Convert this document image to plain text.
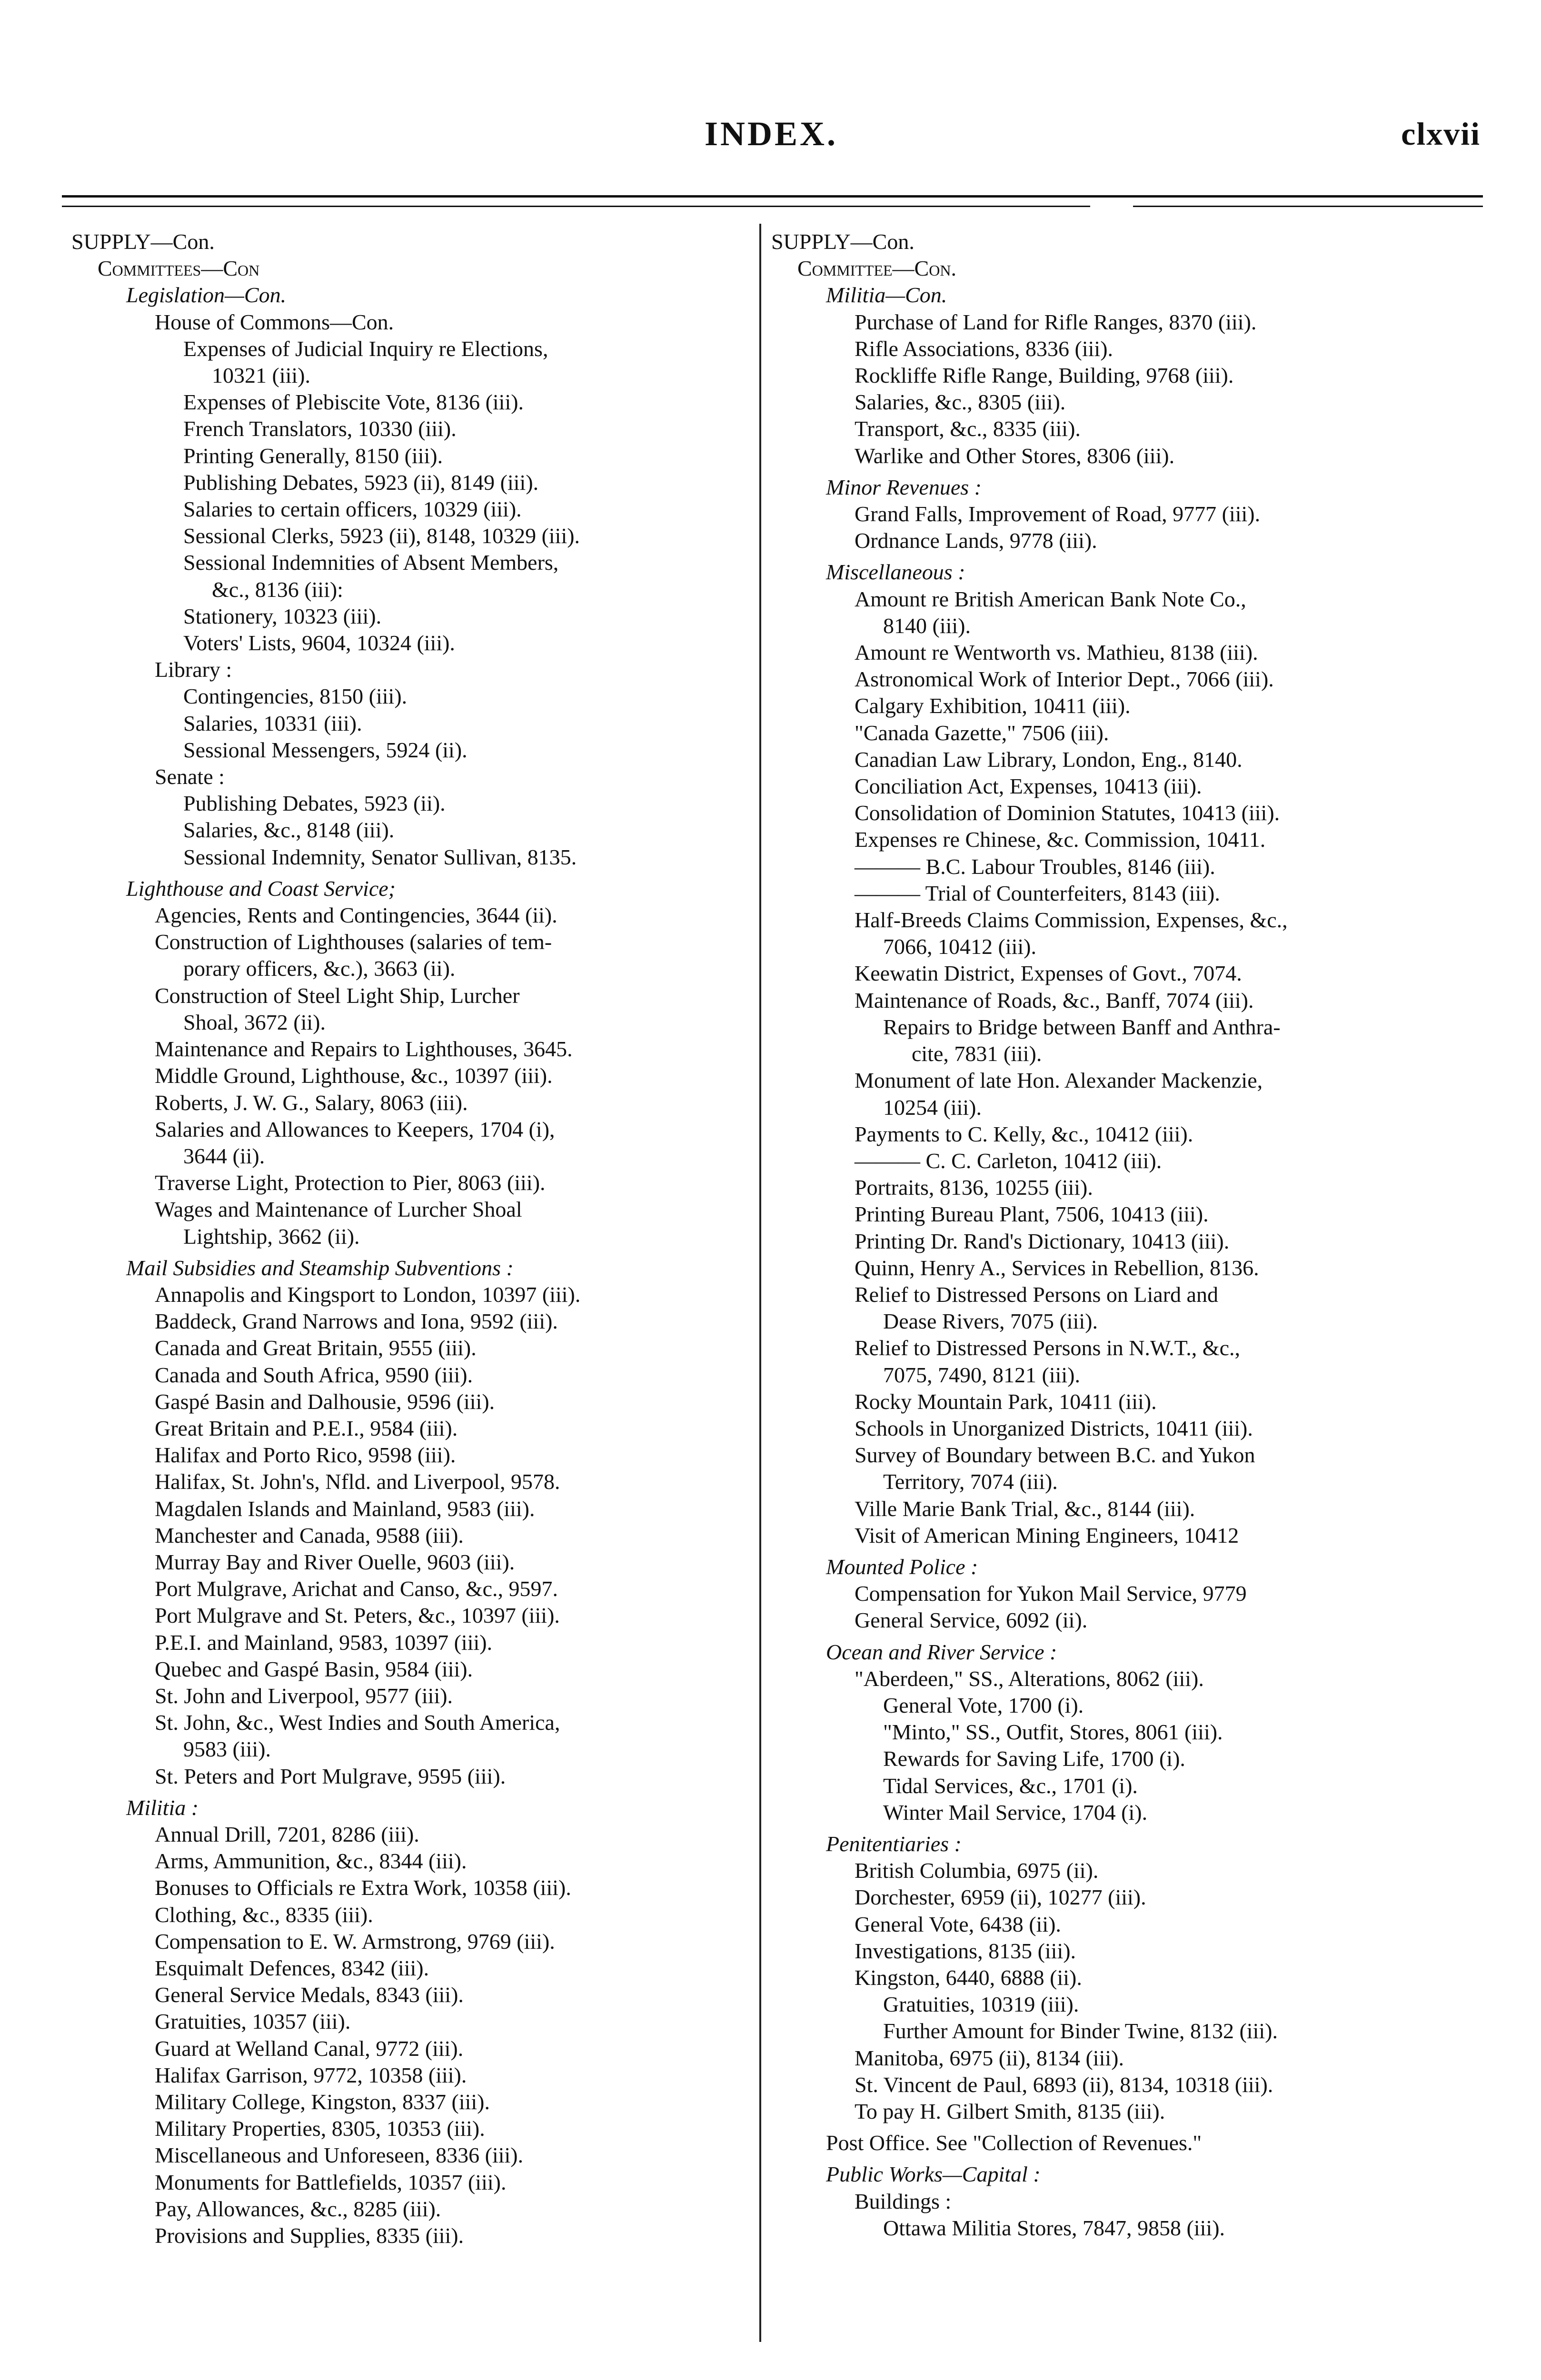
INDEX.	clxvii
SUPPLY—Con.
Committees—Con
Legislation—Con.
House of Commons—Con.
Expenses of Judicial Inquiry re Elections,
10321 (iii).
Expenses of Plebiscite Vote, 8136 (iii).
French Translators, 10330 (iii).
Printing Generally, 8150 (iii).
Publishing Debates, 5923 (ii), 8149 (iii).
Salaries to certain officers, 10329 (iii).
Sessional Clerks, 5923 (ii), 8148, 10329 (iii).
Sessional Indemnities of Absent Members,
&c., 8136 (iii):
Stationery, 10323 (iii).
Voters' Lists, 9604, 10324 (iii).
Library :
Contingencies, 8150 (iii).
Salaries, 10331 (iii).
Sessional Messengers, 5924 (ii).
Senate :
Publishing Debates, 5923 (ii).
Salaries, &c., 8148 (iii).
Sessional Indemnity, Senator Sullivan, 8135.
Lighthouse and Coast Service;
Agencies, Rents and Contingencies, 3644 (ii).
Construction of Lighthouses (salaries of tem-
porary officers, &c.), 3663 (ii).
Construction of Steel Light Ship, Lurcher
Shoal, 3672 (ii).
Maintenance and Repairs to Lighthouses, 3645.
Middle Ground, Lighthouse, &c., 10397 (iii).
Roberts, J. W. G., Salary, 8063 (iii).
Salaries and Allowances to Keepers, 1704 (i),
3644 (ii).
Traverse Light, Protection to Pier, 8063 (iii).
Wages and Maintenance of Lurcher Shoal
Lightship, 3662 (ii).
Mail Subsidies and Steamship Subventions :
Annapolis and Kingsport to London, 10397 (iii).
Baddeck, Grand Narrows and Iona, 9592 (iii).
Canada and Great Britain, 9555 (iii).
Canada and South Africa, 9590 (iii).
Gaspé Basin and Dalhousie, 9596 (iii).
Great Britain and P.E.I., 9584 (iii).
Halifax and Porto Rico, 9598 (iii).
Halifax, St. John's, Nfld. and Liverpool, 9578.
Magdalen Islands and Mainland, 9583 (iii).
Manchester and Canada, 9588 (iii).
Murray Bay and River Ouelle, 9603 (iii).
Port Mulgrave, Arichat and Canso, &c., 9597.
Port Mulgrave and St. Peters, &c., 10397 (iii).
P.E.I. and Mainland, 9583, 10397 (iii).
Quebec and Gaspé Basin, 9584 (iii).
St. John and Liverpool, 9577 (iii).
St. John, &c., West Indies and South America,
9583 (iii).
St. Peters and Port Mulgrave, 9595 (iii).
Militia :
Annual Drill, 7201, 8286 (iii).
Arms, Ammunition, &c., 8344 (iii).
Bonuses to Officials re Extra Work, 10358 (iii).
Clothing, &c., 8335 (iii).
Compensation to E. W. Armstrong, 9769 (iii).
Esquimalt Defences, 8342 (iii).
General Service Medals, 8343 (iii).
Gratuities, 10357 (iii).
Guard at Welland Canal, 9772 (iii).
Halifax Garrison, 9772, 10358 (iii).
Military College, Kingston, 8337 (iii).
Military Properties, 8305, 10353 (iii).
Miscellaneous and Unforeseen, 8336 (iii).
Monuments for Battlefields, 10357 (iii).
Pay, Allowances, &c., 8285 (iii).
Provisions and Supplies, 8335 (iii).
SUPPLY—Con.
Committee—Con.
Militia—Con.
Purchase of Land for Rifle Ranges, 8370 (iii).
Rifle Associations, 8336 (iii).
Rockliffe Rifle Range, Building, 9768 (iii).
Salaries, &c., 8305 (iii).
Transport, &c., 8335 (iii).
Warlike and Other Stores, 8306 (iii).
Minor Revenues :
Grand Falls, Improvement of Road, 9777 (iii).
Ordnance Lands, 9778 (iii).
Miscellaneous :
Amount re British American Bank Note Co.,
8140 (iii).
Amount re Wentworth vs. Mathieu, 8138 (iii).
Astronomical Work of Interior Dept., 7066 (iii).
Calgary Exhibition, 10411 (iii).
"Canada Gazette," 7506 (iii).
Canadian Law Library, London, Eng., 8140.
Conciliation Act, Expenses, 10413 (iii).
Consolidation of Dominion Statutes, 10413 (iii).
Expenses re Chinese, &c. Commission, 10411.
——— B.C. Labour Troubles, 8146 (iii).
——— Trial of Counterfeiters, 8143 (iii).
Half-Breeds Claims Commission, Expenses, &c.,
7066, 10412 (iii).
Keewatin District, Expenses of Govt., 7074.
Maintenance of Roads, &c., Banff, 7074 (iii).
Repairs to Bridge between Banff and Anthra-
cite, 7831 (iii).
Monument of late Hon. Alexander Mackenzie,
10254 (iii).
Payments to C. Kelly, &c., 10412 (iii).
——— C. C. Carleton, 10412 (iii).
Portraits, 8136, 10255 (iii).
Printing Bureau Plant, 7506, 10413 (iii).
Printing Dr. Rand's Dictionary, 10413 (iii).
Quinn, Henry A., Services in Rebellion, 8136.
Relief to Distressed Persons on Liard and
Dease Rivers, 7075 (iii).
Relief to Distressed Persons in N.W.T., &c.,
7075, 7490, 8121 (iii).
Rocky Mountain Park, 10411 (iii).
Schools in Unorganized Districts, 10411 (iii).
Survey of Boundary between B.C. and Yukon
Territory, 7074 (iii).
Ville Marie Bank Trial, &c., 8144 (iii).
Visit of American Mining Engineers, 10412
Mounted Police :
Compensation for Yukon Mail Service, 9779
General Service, 6092 (ii).
Ocean and River Service :
"Aberdeen," SS., Alterations, 8062 (iii).
General Vote, 1700 (i).
"Minto," SS., Outfit, Stores, 8061 (iii).
Rewards for Saving Life, 1700 (i).
Tidal Services, &c., 1701 (i).
Winter Mail Service, 1704 (i).
Penitentiaries :
British Columbia, 6975 (ii).
Dorchester, 6959 (ii), 10277 (iii).
General Vote, 6438 (ii).
Investigations, 8135 (iii).
Kingston, 6440, 6888 (ii).
Gratuities, 10319 (iii).
Further Amount for Binder Twine, 8132 (iii).
Manitoba, 6975 (ii), 8134 (iii).
St. Vincent de Paul, 6893 (ii), 8134, 10318 (iii).
To pay H. Gilbert Smith, 8135 (iii).
Post Office. See "Collection of Revenues."
Public Works—Capital :
Buildings :
Ottawa Militia Stores, 7847, 9858 (iii).
